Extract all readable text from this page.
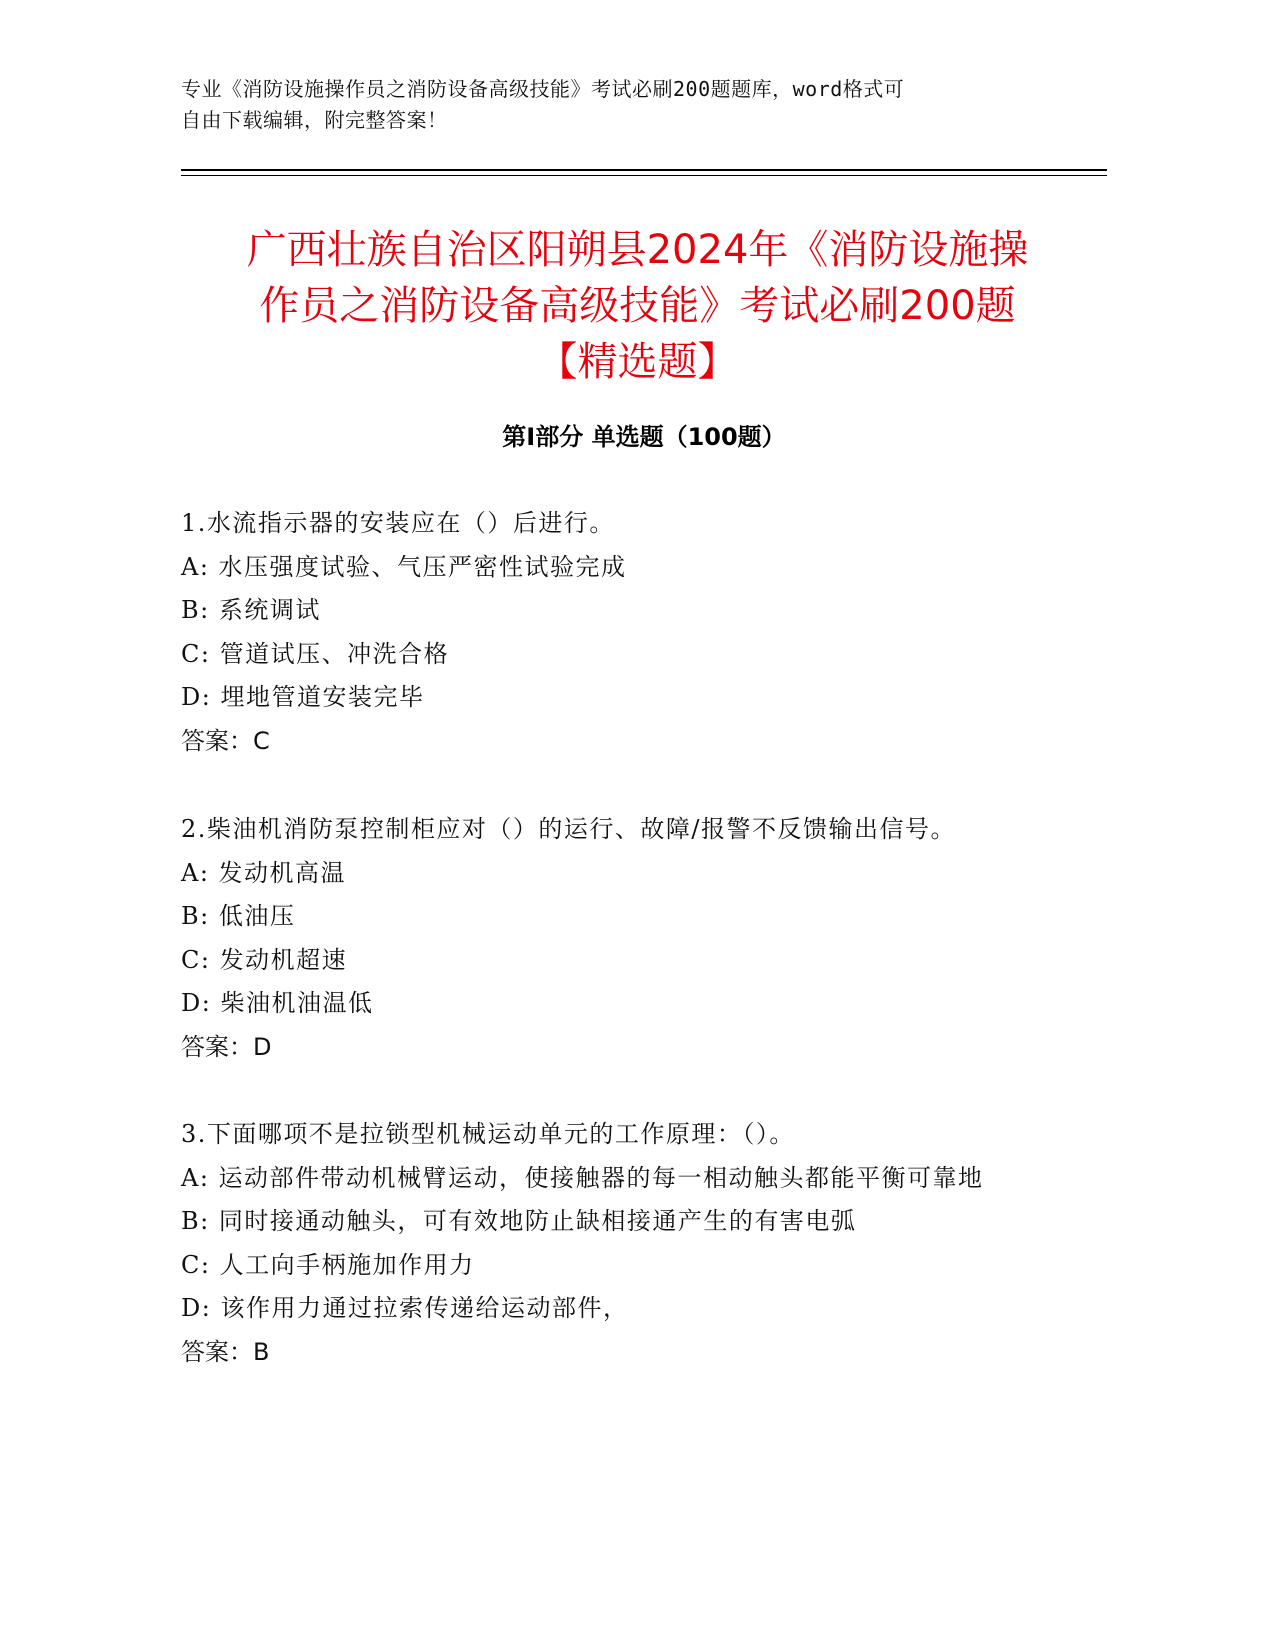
专业《消防设施操作员之消防设备高级技能》考试必刷200题题库，word格式可

自由下载编辑，附完整答案！

广西壮族自治区阳朔县2024年《消防设施操
作员之消防设备高级技能》考试必刷200题
【精选题】
第Ⅰ部分 单选题（100题）

1.水流指示器的安装应在（）后进行。

A: 水压强度试验、气压严密性试验完成

B: 系统调试

C: 管道试压、冲洗合格

D: 埋地管道安装完毕

答案：C

2.柴油机消防泵控制柜应对（）的运行、故障/报警不反馈输出信号。

A: 发动机高温

B: 低油压

C: 发动机超速

D: 柴油机油温低

答案：D

3.下面哪项不是拉锁型机械运动单元的工作原理：（）。

A: 运动部件带动机械臂运动，使接触器的每一相动触头都能平衡可靠地

B: 同时接通动触头，可有效地防止缺相接通产生的有害电弧

C: 人工向手柄施加作用力

D: 该作用力通过拉索传递给运动部件，

答案：B
